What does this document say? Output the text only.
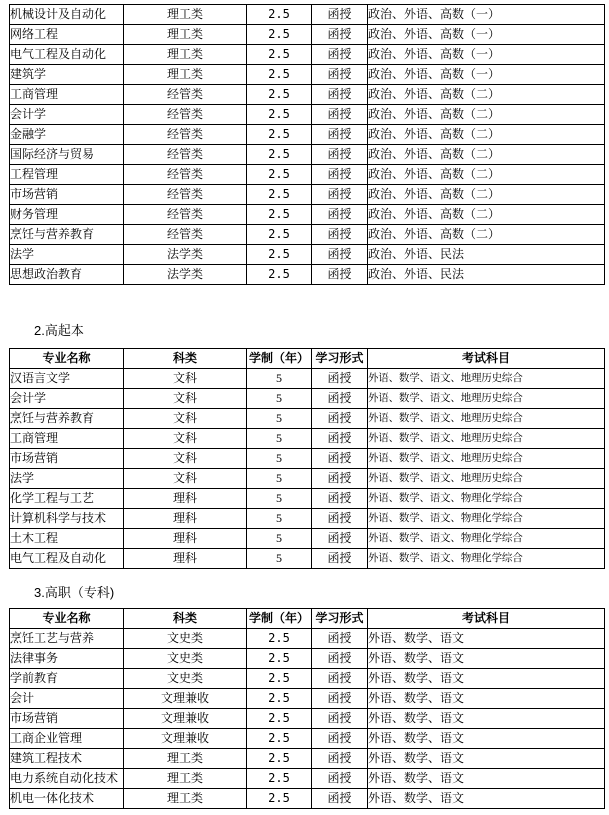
机械设计及自动化	理工类	2.5	函授	政治、外语、高数（一）
网络工程	理工类	2.5	函授	政治、外语、高数（一）
电气工程及自动化	理工类	2.5	函授	政治、外语、高数（一）
建筑学	理工类	2.5	函授	政治、外语、高数（一）
工商管理	经管类	2.5	函授	政治、外语、高数（二）
会计学	经管类	2.5	函授	政治、外语、高数（二）
金融学	经管类	2.5	函授	政治、外语、高数（二）
国际经济与贸易	经管类	2.5	函授	政治、外语、高数（二）
工程管理	经管类	2.5	函授	政治、外语、高数（二）
市场营销	经管类	2.5	函授	政治、外语、高数（二）
财务管理	经管类	2.5	函授	政治、外语、高数（二）
烹饪与营养教育	经管类	2.5	函授	政治、外语、高数（二）
法学	法学类	2.5	函授	政治、外语、民法
思想政治教育	法学类	2.5	函授	政治、外语、民法
2.高起本
专业名称	科类	学制（年）	学习形式	考试科目
汉语言文学	文科	5	函授	外语、数学、语文、地理历史综合
会计学	文科	5	函授	外语、数学、语文、地理历史综合
烹饪与营养教育	文科	5	函授	外语、数学、语文、地理历史综合
工商管理	文科	5	函授	外语、数学、语文、地理历史综合
市场营销	文科	5	函授	外语、数学、语文、地理历史综合
法学	文科	5	函授	外语、数学、语文、地理历史综合
化学工程与工艺	理科	5	函授	外语、数学、语文、物理化学综合
计算机科学与技术	理科	5	函授	外语、数学、语文、物理化学综合
土木工程	理科	5	函授	外语、数学、语文、物理化学综合
电气工程及自动化	理科	5	函授	外语、数学、语文、物理化学综合
3.高职（专科)
专业名称	科类	学制（年）	学习形式	考试科目
烹饪工艺与营养	文史类	2.5	函授	外语、数学、语文
法律事务	文史类	2.5	函授	外语、数学、语文
学前教育	文史类	2.5	函授	外语、数学、语文
会计	文理兼收	2.5	函授	外语、数学、语文
市场营销	文理兼收	2.5	函授	外语、数学、语文
工商企业管理	文理兼收	2.5	函授	外语、数学、语文
建筑工程技术	理工类	2.5	函授	外语、数学、语文
电力系统自动化技术	理工类	2.5	函授	外语、数学、语文
机电一体化技术	理工类	2.5	函授	外语、数学、语文
